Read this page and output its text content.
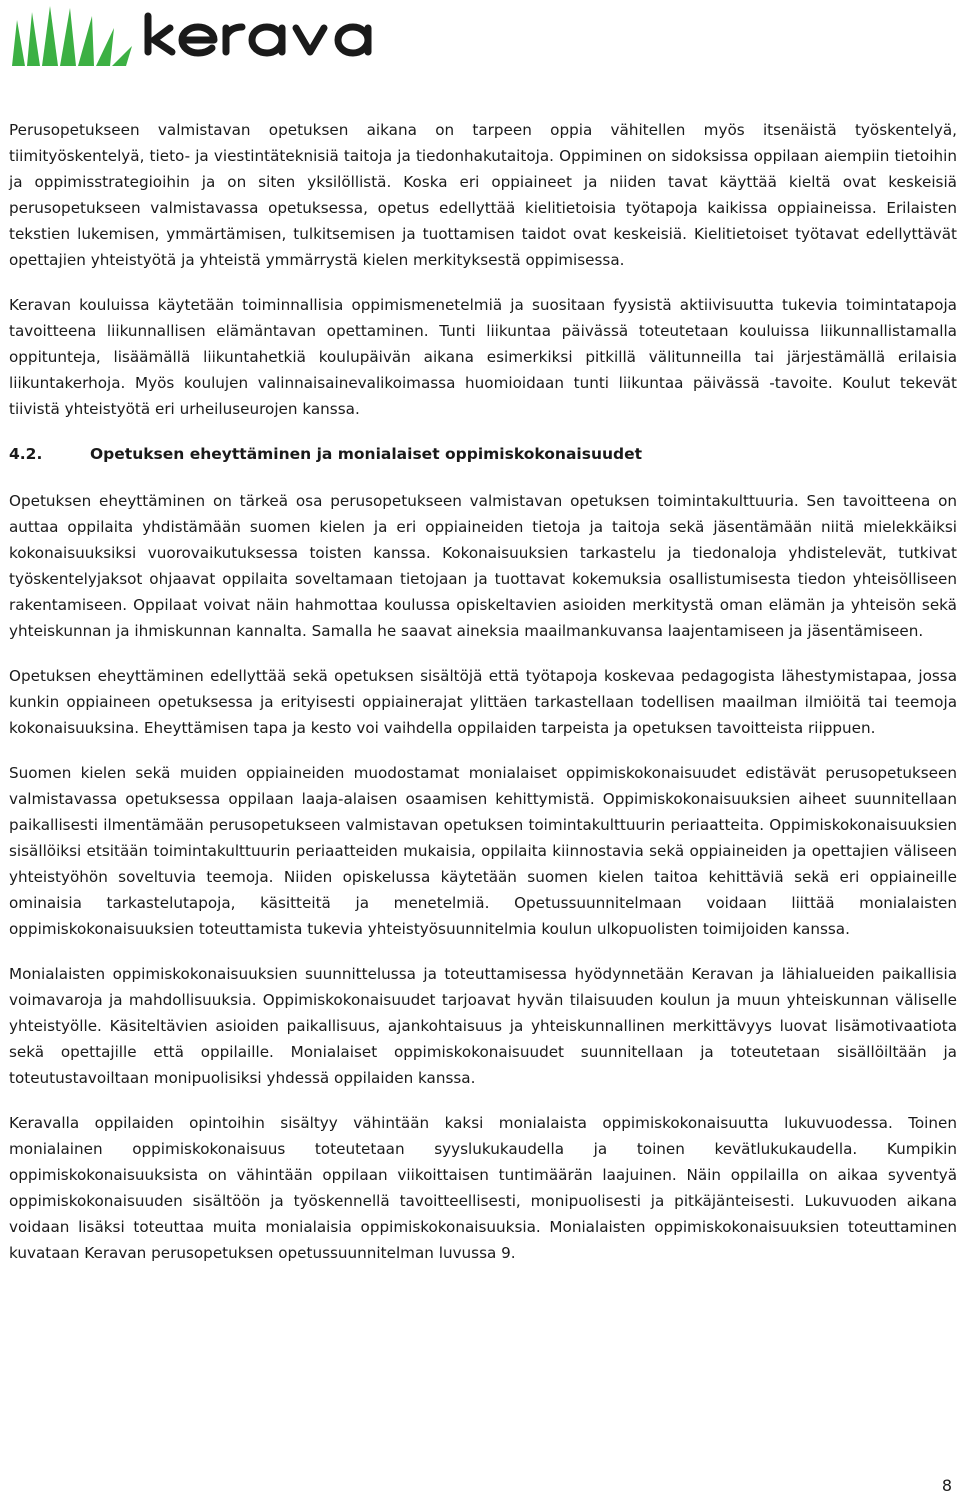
Perusopetukseen valmistavan opetuksen aikana on tarpeen oppia vähitellen myös itsenäistä työskentelyä, tiimityöskentelyä, tieto- ja viestintäteknisiä taitoja ja tiedonhakutaitoja. Oppiminen on sidoksissa oppilaan aiempiin tietoihin ja oppimisstrategioihin ja on siten yksilöllistä. Koska eri oppiaineet ja niiden tavat käyttää kieltä ovat keskeisiä perusopetukseen valmistavassa opetuksessa, opetus edellyttää kielitietoisia työtapoja kaikissa oppiaineissa. Erilaisten tekstien lukemisen, ymmärtämisen, tulkitsemisen ja tuottamisen taidot ovat keskeisiä. Kielitietoiset työtavat edellyttävät opettajien yhteistyötä ja yhteistä ymmärrystä kielen merkityksestä oppimisessa.

Keravan kouluissa käytetään toiminnallisia oppimismenetelmiä ja suositaan fyysistä aktiivisuutta tukevia toimintatapoja tavoitteena liikunnallisen elämäntavan opettaminen. Tunti liikuntaa päivässä toteutetaan kouluissa liikunnallistamalla oppitunteja, lisäämällä liikuntahetkiä koulupäivän aikana esimerkiksi pitkillä välitunneilla tai järjestämällä erilaisia liikuntakerhoja. Myös koulujen valinnaisainevalikoimassa huomioidaan tunti liikuntaa päivässä -tavoite. Koulut tekevät tiivistä yhteistyötä eri urheiluseurojen kanssa.

4.2.	Opetuksen eheyttäminen ja monialaiset oppimiskokonaisuudet

Opetuksen eheyttäminen on tärkeä osa perusopetukseen valmistavan opetuksen toimintakulttuuria. Sen tavoitteena on auttaa oppilaita yhdistämään suomen kielen ja eri oppiaineiden tietoja ja taitoja sekä jäsentämään niitä mielekkäiksi kokonaisuuksiksi vuorovaikutuksessa toisten kanssa. Kokonaisuuksien tarkastelu ja tiedonaloja yhdistelevät, tutkivat työskentelyjaksot ohjaavat oppilaita soveltamaan tietojaan ja tuottavat kokemuksia osallistumisesta tiedon yhteisölliseen rakentamiseen. Oppilaat voivat näin hahmottaa koulussa opiskeltavien asioiden merkitystä oman elämän ja yhteisön sekä yhteiskunnan ja ihmiskunnan kannalta. Samalla he saavat aineksia maailmankuvansa laajentamiseen ja jäsentämiseen.

Opetuksen eheyttäminen edellyttää sekä opetuksen sisältöjä että työtapoja koskevaa pedagogista lähestymistapaa, jossa kunkin oppiaineen opetuksessa ja erityisesti oppiainerajat ylittäen tarkastellaan todellisen maailman ilmiöitä tai teemoja kokonaisuuksina. Eheyttämisen tapa ja kesto voi vaihdella oppilaiden tarpeista ja opetuksen tavoitteista riippuen.

Suomen kielen sekä muiden oppiaineiden muodostamat monialaiset oppimiskokonaisuudet edistävät perusopetukseen valmistavassa opetuksessa oppilaan laaja-alaisen osaamisen kehittymistä. Oppimiskokonaisuuksien aiheet suunnitellaan paikallisesti ilmentämään perusopetukseen valmistavan opetuksen toimintakulttuurin periaatteita. Oppimiskokonaisuuksien sisällöiksi etsitään toimintakulttuurin periaatteiden mukaisia, oppilaita kiinnostavia sekä oppiaineiden ja opettajien väliseen yhteistyöhön soveltuvia teemoja. Niiden opiskelussa käytetään suomen kielen taitoa kehittäviä sekä eri oppiaineille ominaisia tarkastelutapoja, käsitteitä ja menetelmiä. Opetussuunnitelmaan voidaan liittää monialaisten oppimiskokonaisuuksien toteuttamista tukevia yhteistyösuunnitelmia koulun ulkopuolisten toimijoiden kanssa.

Monialaisten oppimiskokonaisuuksien suunnittelussa ja toteuttamisessa hyödynnetään Keravan ja lähialueiden paikallisia voimavaroja ja mahdollisuuksia. Oppimiskokonaisuudet tarjoavat hyvän tilaisuuden koulun ja muun yhteiskunnan väliselle yhteistyölle. Käsiteltävien asioiden paikallisuus, ajankohtaisuus ja yhteiskunnallinen merkittävyys luovat lisämotivaatiota sekä opettajille että oppilaille. Monialaiset oppimiskokonaisuudet suunnitellaan ja toteutetaan sisällöiltään ja toteutustavoiltaan monipuolisiksi yhdessä oppilaiden kanssa.

Keravalla oppilaiden opintoihin sisältyy vähintään kaksi monialaista oppimiskokonaisuutta lukuvuodessa. Toinen monialainen oppimiskokonaisuus toteutetaan syyslukukaudella ja toinen kevätlukukaudella. Kumpikin oppimiskokonaisuuksista on vähintään oppilaan viikoittaisen tuntimäärän laajuinen. Näin oppilailla on aikaa syventyä oppimiskokonaisuuden sisältöön ja työskennellä tavoitteellisesti, monipuolisesti ja pitkäjänteisesti. Lukuvuoden aikana voidaan lisäksi toteuttaa muita monialaisia oppimiskokonaisuuksia. Monialaisten oppimiskokonaisuuksien toteuttaminen kuvataan Keravan perusopetuksen opetussuunnitelman luvussa 9.

8
